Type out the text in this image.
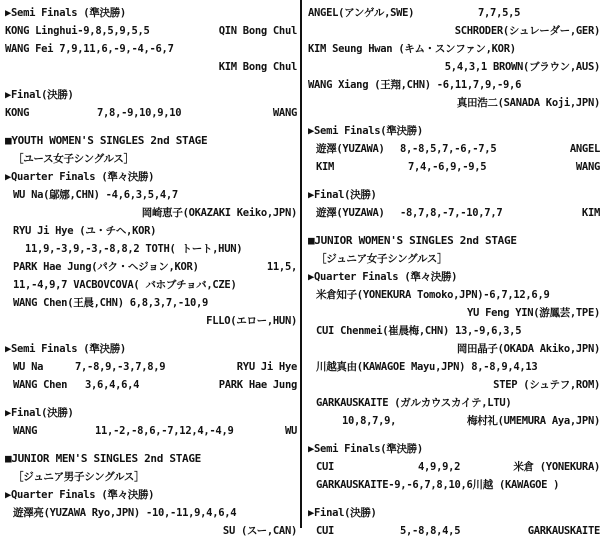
▶Semi Finals (準決勝)
KONG Linghui-9,8,5,9,5,5	QIN Bong Chul
WANG Fei 7,9,11,6,-9,-4,-6,7
KIM Bong Chul
▶Final(決勝)
KONG	7,8,-9,10,9,10	WANG
■YOUTH WOMEN'S SINGLES 2nd STAGE
［ユース女子シングルス］
▶Quarter Finals (準々決勝)
WU Na(鄔娜,CHN) -4,6,3,5,4,7
岡崎恵子(OKAZAKI Keiko,JPN)
RYU Ji Hye (ユ・チヘ,KOR)
11,9,-3,9,-3,-8,8,2 TOTH( トート,HUN)
PARK Hae Jung(パク・ヘジョン,KOR)	11,5,
11,-4,9,7 VACBOVCOVA( バホブチョバ,CZE)
WANG Chen(王晨,CHN) 6,8,3,7,-10,9
FLLO(エロー,HUN)
▶Semi Finals (準決勝)
WU Na	7,-8,9,-3,7,8,9	RYU Ji Hye
WANG Chen 3,6,4,6,4	PARK Hae Jung
▶Final(決勝)
WANG	11,-2,-8,6,-7,12,4,-4,9	WU
■JUNIOR MEN'S SINGLES 2nd STAGE
［ジュニア男子シングルス］
▶Quarter Finals (準々決勝)
遊澤亮(YUZAWA Ryo,JPN) -10,-11,9,4,6,4
SU (スー,CAN)
ANGEL(アンゲル,SWE)	7,7,5,5
SCHRODER(シュレーダー,GER)
KIM Seung Hwan (キム・スンファン,KOR)
5,4,3,1 BROWN(ブラウン,AUS)
WANG Xiang (王翔,CHN) -6,11,7,9,-9,6
真田浩二(SANADA Koji,JPN)
▶Semi Finals(準決勝)
遊澤(YUZAWA) 8,-8,5,7,-6,-7,5	ANGEL
KIM	7,4,-6,9,-9,5	WANG
▶Final(決勝)
遊澤(YUZAWA) -8,7,8,-7,-10,7,7	KIM
■JUNIOR WOMEN'S SINGLES 2nd STAGE
［ジュニア女子シングルス］
▶Quarter Finals (準々決勝)
米倉知子(YONEKURA Tomoko,JPN)-6,7,12,6,9
YU Feng YIN(游鳳芸,TPE)
CUI Chenmei(崔晨梅,CHN) 13,-9,6,3,5
岡田晶子(OKADA Akiko,JPN)
川越真由(KAWAGOE Mayu,JPN) 8,-8,9,4,13
STEP (シュテフ,ROM)
GARKAUSKAITE (ガルカウスカイテ,LTU)
10,8,7,9,	梅村礼(UMEMURA Aya,JPN)
▶Semi Finals(準決勝)
CUI	4,9,9,2	米倉 (YONEKURA)
GARKAUSKAITE-9,-6,7,8,10,6川越 (KAWAGOE )
▶Final(決勝)
CUI	5,-8,8,4,5	GARKAUSKAITE
